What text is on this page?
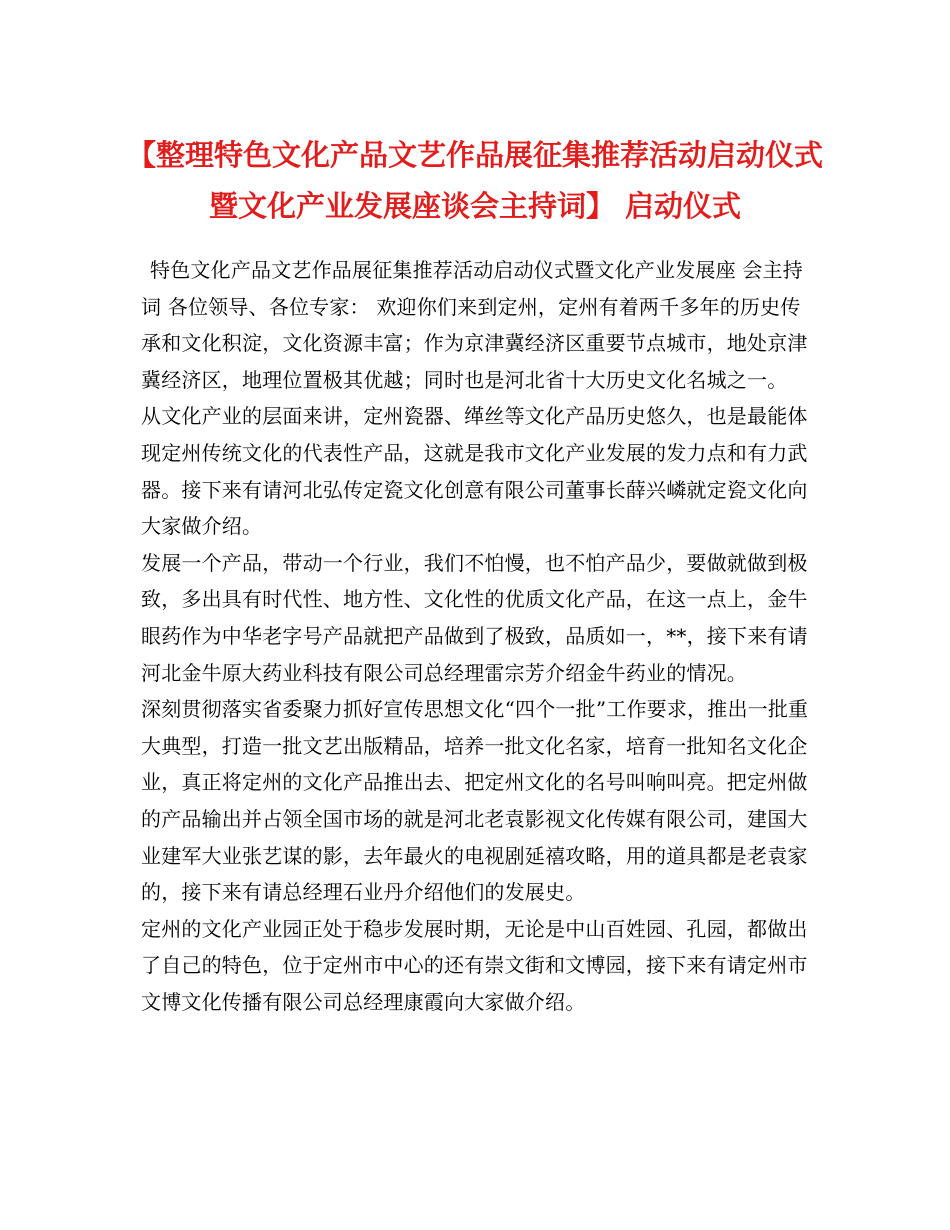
【整理特色文化产品文艺作品展征集推荐活动启动仪式
暨文化产业发展座谈会主持词】 启动仪式

特色文化产品文艺作品展征集推荐活动启动仪式暨文化产业发展座 会主持词 各位领导、各位专家： 欢迎你们来到定州，定州有着两千多年的历史传承和文化积淀，文化资源丰富；作为京津冀经济区重要节点城市，地处京津冀经济区，地理位置极其优越；同时也是河北省十大历史文化名城之一。

从文化产业的层面来讲，定州瓷器、缂丝等文化产品历史悠久，也是最能体现定州传统文化的代表性产品，这就是我市文化产业发展的发力点和有力武器。接下来有请河北弘传定瓷文化创意有限公司董事长薛兴嶙就定瓷文化向大家做介绍。

发展一个产品，带动一个行业，我们不怕慢，也不怕产品少，要做就做到极致，多出具有时代性、地方性、文化性的优质文化产品，在这一点上，金牛眼药作为中华老字号产品就把产品做到了极致，品质如一，**，接下来有请河北金牛原大药业科技有限公司总经理雷宗芳介绍金牛药业的情况。

深刻贯彻落实省委聚力抓好宣传思想文化“四个一批”工作要求，推出一批重大典型，打造一批文艺出版精品，培养一批文化名家，培育一批知名文化企业，真正将定州的文化产品推出去、把定州文化的名号叫响叫亮。把定州做的产品输出并占领全国市场的就是河北老袁影视文化传媒有限公司，建国大业建军大业张艺谋的影，去年最火的电视剧延禧攻略，用的道具都是老袁家的，接下来有请总经理石业丹介绍他们的发展史。

定州的文化产业园正处于稳步发展时期，无论是中山百姓园、孔园，都做出了自己的特色，位于定州市中心的还有崇文街和文博园，接下来有请定州市文博文化传播有限公司总经理康霞向大家做介绍。
